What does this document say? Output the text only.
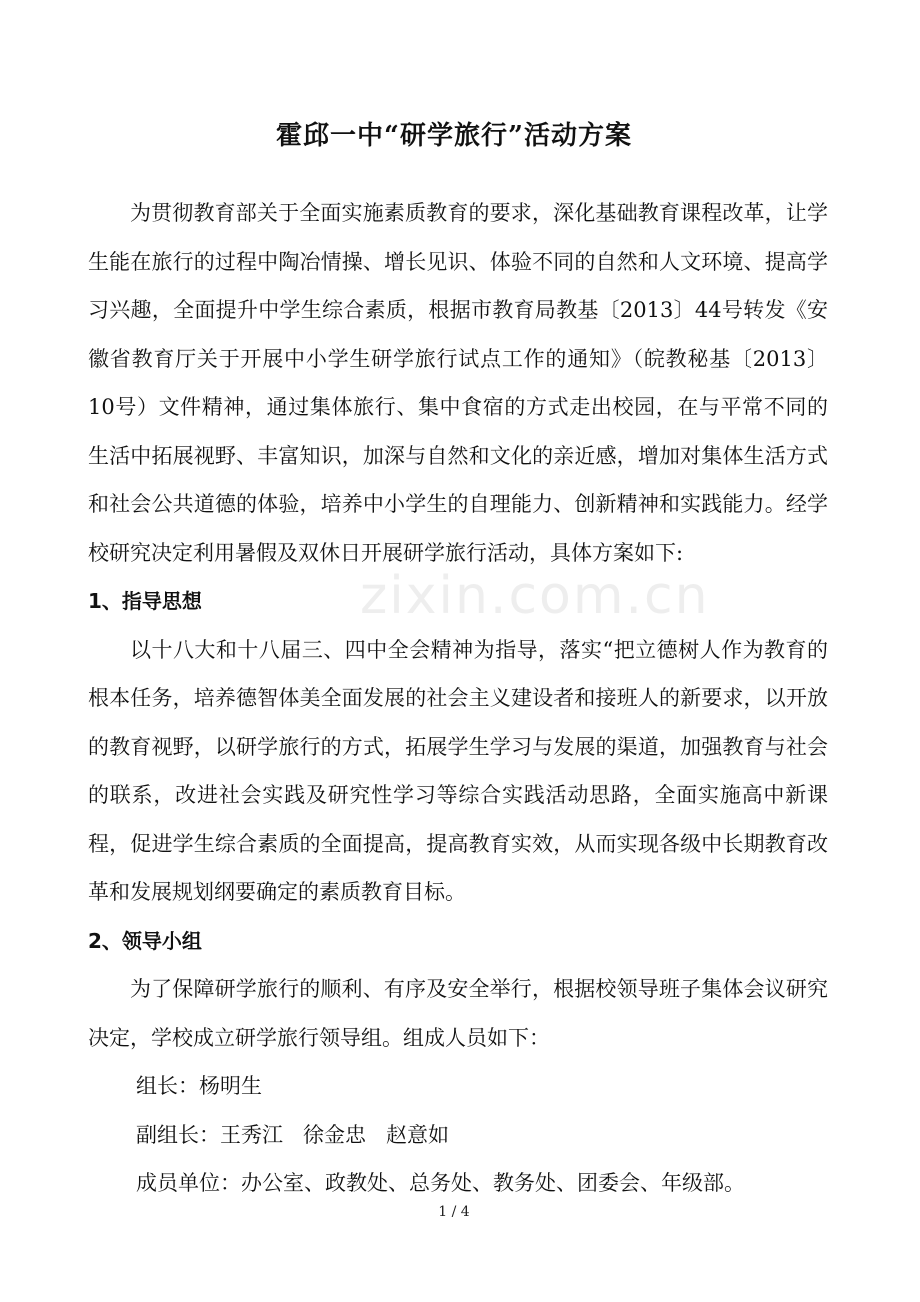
zixin.com.cn
霍邱一中“研学旅行”活动方案

为贯彻教育部关于全面实施素质教育的要求，深化基础教育课程改革，让学生能在旅行的过程中陶冶情操、增长见识、体验不同的自然和人文环境、提高学习兴趣，全面提升中学生综合素质，根据市教育局教基〔2013〕44号转发《安徽省教育厅关于开展中小学生研学旅行试点工作的通知》（皖教秘基〔2013〕10号）文件精神，通过集体旅行、集中食宿的方式走出校园，在与平常不同的生活中拓展视野、丰富知识，加深与自然和文化的亲近感，增加对集体生活方式和社会公共道德的体验，培养中小学生的自理能力、创新精神和实践能力。经学校研究决定利用暑假及双休日开展研学旅行活动，具体方案如下:

1、指导思想

以十八大和十八届三、四中全会精神为指导，落实“把立德树人作为教育的根本任务，培养德智体美全面发展的社会主义建设者和接班人的新要求，以开放的教育视野，以研学旅行的方式，拓展学生学习与发展的渠道，加强教育与社会的联系，改进社会实践及研究性学习等综合实践活动思路，全面实施高中新课程，促进学生综合素质的全面提高，提高教育实效，从而实现各级中长期教育改革和发展规划纲要确定的素质教育目标。

2、领导小组

为了保障研学旅行的顺利、有序及安全举行，根据校领导班子集体会议研究决定，学校成立研学旅行领导组。组成人员如下：

组长：杨明生

副组长：王秀江   徐金忠   赵意如

成员单位：办公室、政教处、总务处、教务处、团委会、年级部。

1 / 4
